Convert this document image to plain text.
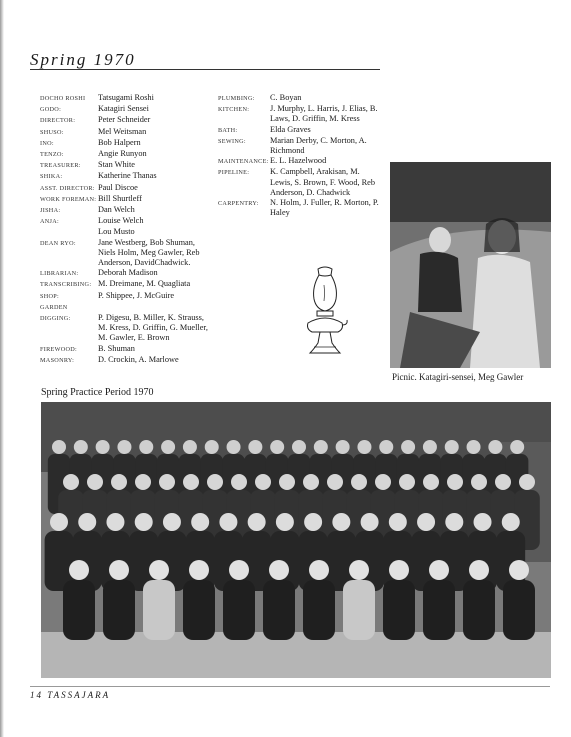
Spring 1970
DOCHO ROSHI	Tatsugami Roshi
GODO:	Katagiri Sensei
DIRECTOR:	Peter Schneider
SHUSO:	Mel Weitsman
INO:	Bob Halpern
TENZO:	Angie Runyon
TREASURER:	Stan White
SHIKA:	Katherine Thanas
ASST. DIRECTOR: Paul Discoe
WORK FOREMAN: Bill Shurtleff
JISHA:	Dan Welch
ANJA:	Louise Welch
Lou Musto
DEAN RYO:	Jane Westberg, Bob Shuman, Niels Holm, Meg Gawler, Reb Anderson, DavidChadwick.
LIBRARIAN:	Deborah Madison
TRANSCRIBING: M. Dreimane, M. Quagliata
SHOP:	P. Shippee, J. McGuire
GARDEN
DIGGING:	P. Digesu, B. Miller, K. Strauss, M. Kress, D. Griffin, G. Mueller, M. Gawler, E. Brown
FIREWOOD:	B. Shuman
MASONRY:	D. Crockin, A. Marlowe
PLUMBING:	C. Boyan
KITCHEN:	J. Murphy, L. Harris, J. Elias, B. Laws, D. Griffin, M. Kress
BATH:	Elda Graves
SEWING:	Marian Derby, C. Morton, A. Richmond
MAINTENANCE: E. L. Hazelwood
PIPELINE:	K. Campbell, Arakisan, M. Lewis, S. Brown, F. Wood, Reb Anderson, D. Chadwick
CARPENTRY:	N. Holm, J. Fuller, R. Morton, P. Haley
Picnic. Katagiri-sensei, Meg Gawler
Spring Practice Period 1970
14 TASSAJARA
